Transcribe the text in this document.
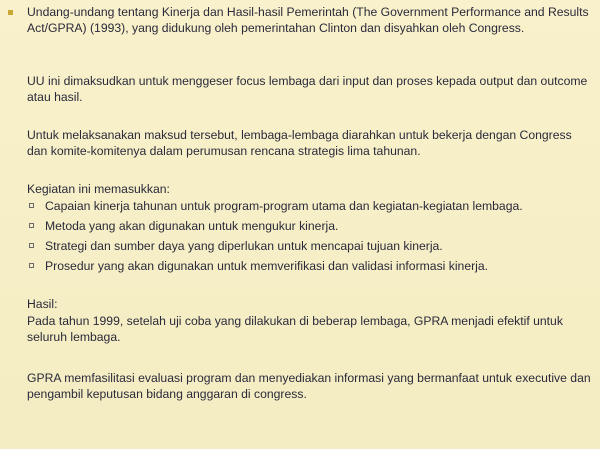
Undang-undang tentang Kinerja dan Hasil-hasil Pemerintah (The Government Performance and Results Act/GPRA) (1993), yang didukung oleh pemerintahan Clinton dan disyahkan oleh Congress.

UU ini dimaksudkan untuk menggeser focus lembaga dari input dan proses kepada output dan outcome atau hasil.

Untuk melaksanakan maksud tersebut, lembaga-lembaga diarahkan untuk bekerja dengan Congress dan komite-komitenya dalam perumusan rencana strategis lima tahunan.

Kegiatan ini memasukkan:

Capaian kinerja tahunan untuk program-program utama dan kegiatan-kegiatan lembaga.
Metoda yang akan digunakan untuk mengukur kinerja.
Strategi dan sumber daya yang diperlukan untuk mencapai tujuan kinerja.
Prosedur yang akan digunakan untuk memverifikasi dan validasi informasi kinerja.

Hasil:

Pada tahun 1999, setelah uji coba yang dilakukan di beberap lembaga, GPRA menjadi efektif untuk seluruh lembaga.

GPRA memfasilitasi evaluasi program dan menyediakan informasi yang bermanfaat untuk executive dan pengambil keputusan bidang anggaran di congress.
